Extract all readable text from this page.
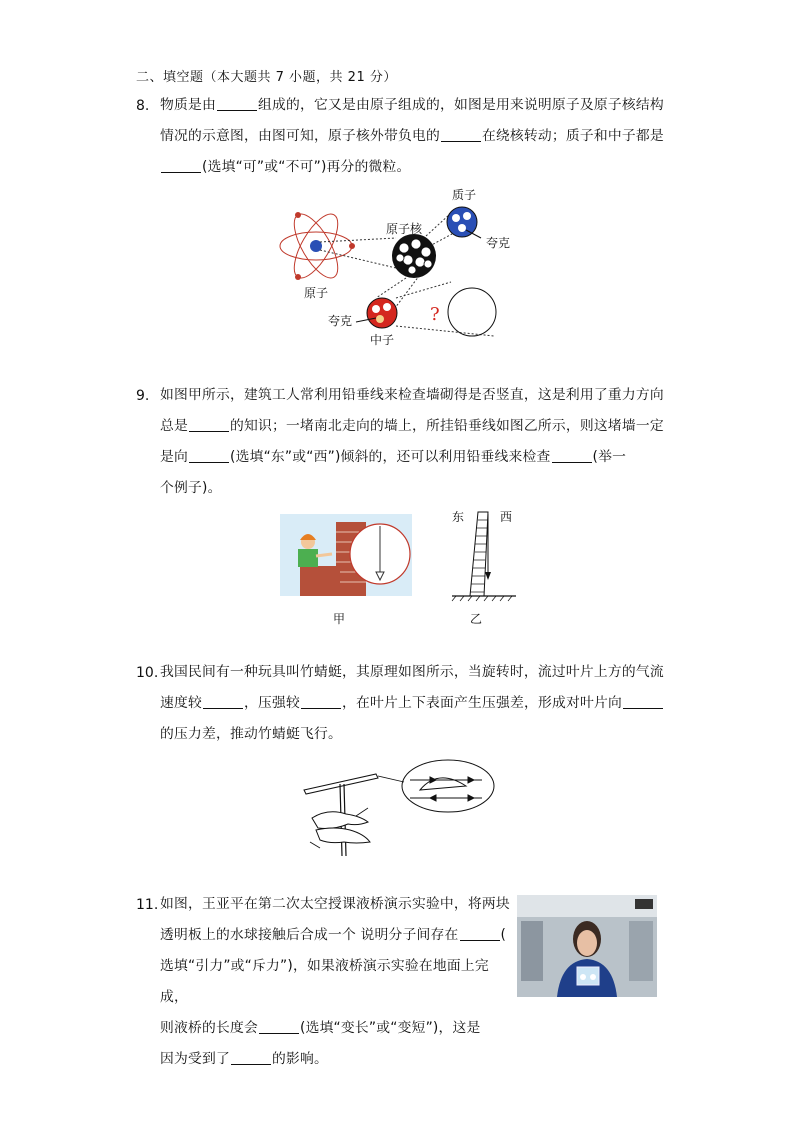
二、填空题（本大题共 7 小题，共 21 分）
8. 物质是由	组成的，它又是由原子组成的，如图是用来说明原子及原子核结构
情况的示意图，由图可知，原子核外带负电的	在绕核转动；质子和中子都是
(选填“可”或“不可”)再分的微粒。
质子
原子核
夸克
原子
夸克
中子
?
9. 如图甲所示，建筑工人常利用铅垂线来检查墙砌得是否竖直，这是利用了重力方向
总是	的知识；一堵南北走向的墙上，所挂铅垂线如图乙所示，则这堵墙一定
是向	(选填“东”或“西”)倾斜的，还可以利用铅垂线来检查	(举一
个例子)。
甲
东	西
乙
10. 我国民间有一种玩具叫竹蜻蜓，其原理如图所示，当旋转时，流过叶片上方的气流
速度较	，压强较	，在叶片上下表面产生压强差，形成对叶片向
的压力差，推动竹蜻蜓飞行。
11. 如图，王亚平在第二次太空授课液桥演示实验中，将两块
透明板上的水球接触后合成一个 说明分子间存在	(
选填“引力”或“斥力”)，如果液桥演示实验在地面上完成，
则液桥的长度会	(选填“变长”或“变短”)，这是
因为受到了	的影响。
